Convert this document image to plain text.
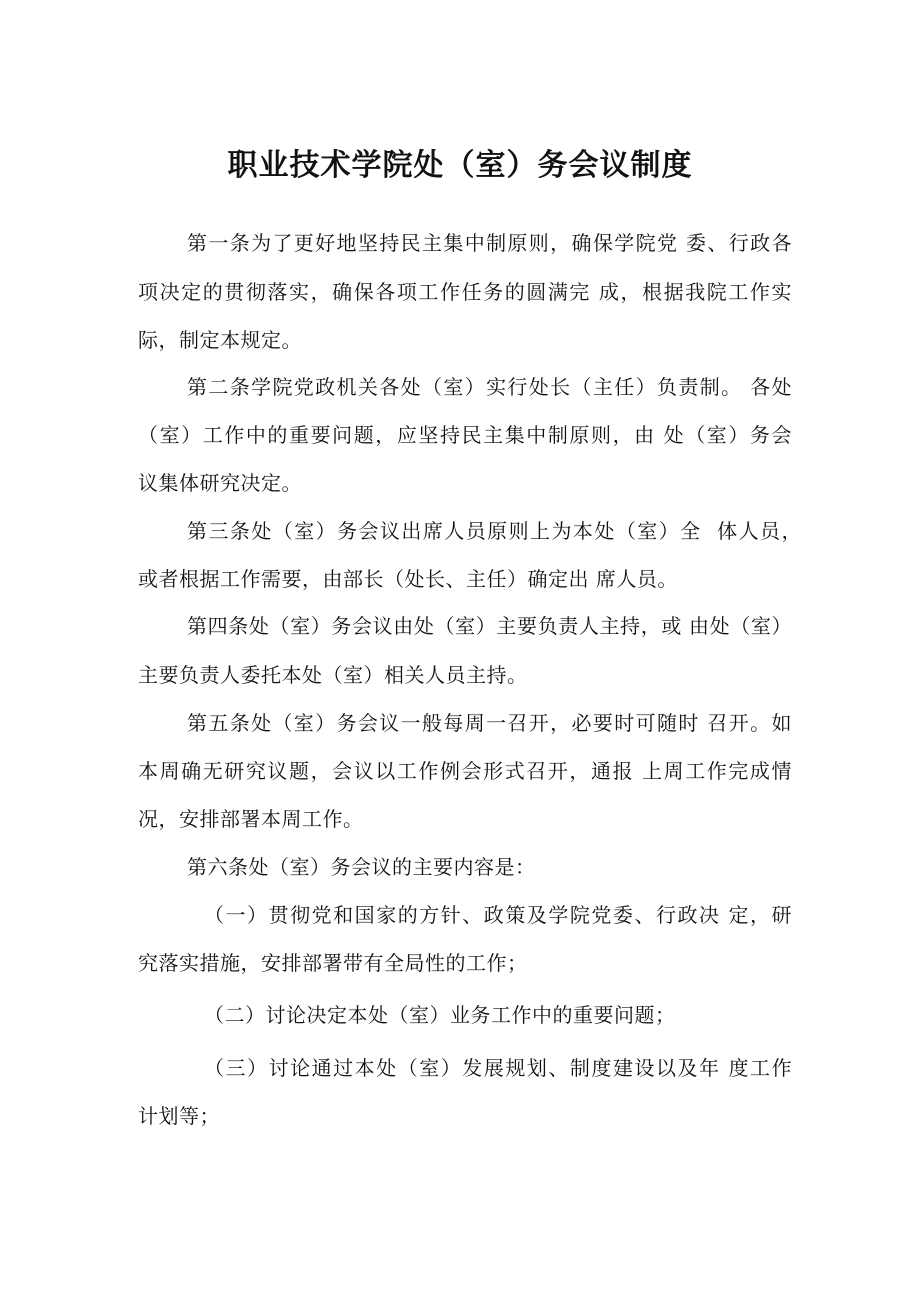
职业技术学院处（室）务会议制度
第一条为了更好地坚持民主集中制原则，确保学院党 委、行政各
项决定的贯彻落实，确保各项工作任务的圆满完 成，根据我院工作实
际，制定本规定。
第二条学院党政机关各处（室）实行处长（主任）负责制。 各处
（室）工作中的重要问题，应坚持民主集中制原则，由 处（室）务会
议集体研究决定。
第三条处（室）务会议出席人员原则上为本处（室）全  体人员，
或者根据工作需要，由部长（处长、主任）确定出 席人员。
第四条处（室）务会议由处（室）主要负责人主持，或 由处（室）
主要负责人委托本处（室）相关人员主持。
第五条处（室）务会议一般每周一召开，必要时可随时 召开。如
本周确无研究议题，会议以工作例会形式召开，通报 上周工作完成情
况，安排部署本周工作。
第六条处（室）务会议的主要内容是：
（一）贯彻党和国家的方针、政策及学院党委、行政决 定，研
究落实措施，安排部署带有全局性的工作；
（二）讨论决定本处（室）业务工作中的重要问题；
（三）讨论通过本处（室）发展规划、制度建设以及年 度工作
计划等；
